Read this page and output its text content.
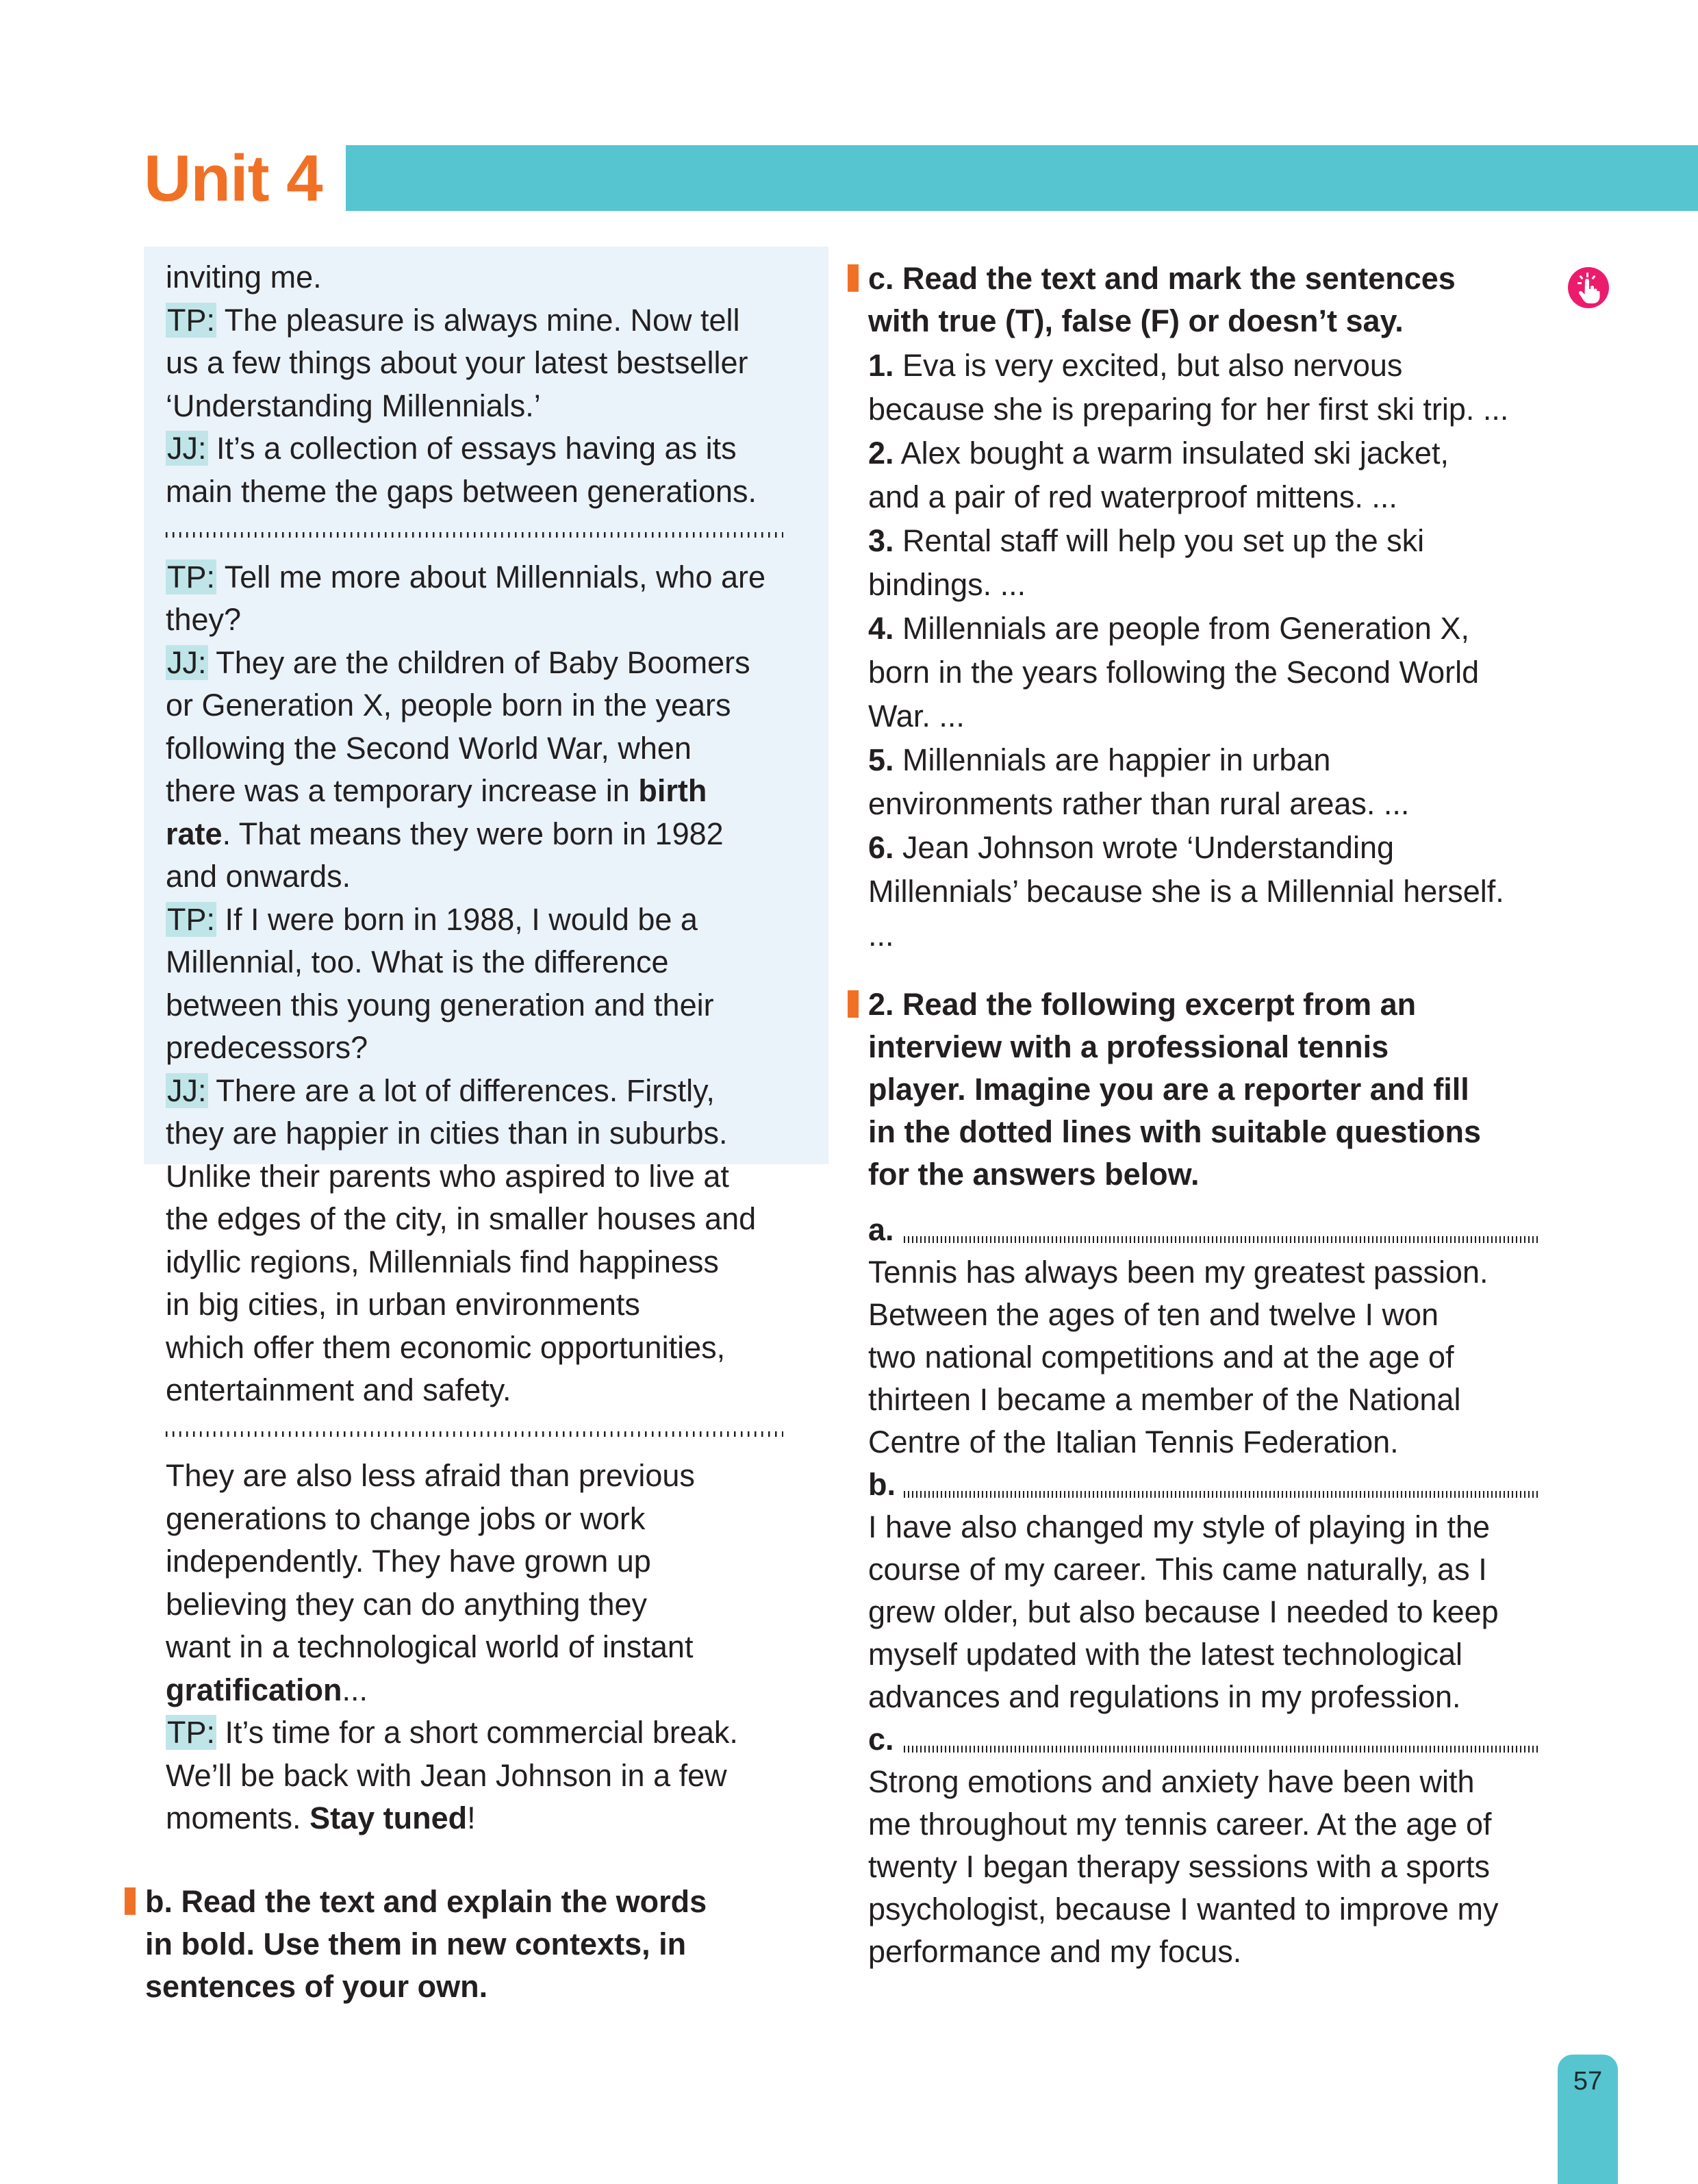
Unit 4
inviting me.
TP: The pleasure is always mine. Now tell
us a few things about your latest bestseller
‘Understanding Millennials.’
JJ: It’s a collection of essays having as its
main theme the gaps between generations.
TP: Tell me more about Millennials, who are
they?
JJ: They are the children of Baby Boomers
or Generation X, people born in the years
following the Second World War, when
there was a temporary increase in birth
rate. That means they were born in 1982
and onwards.
TP: If I were born in 1988, I would be a
Millennial, too. What is the difference
between this young generation and their
predecessors?
JJ: There are a lot of differences. Firstly,
they are happier in cities than in suburbs.
Unlike their parents who aspired to live at
the edges of the city, in smaller houses and
idyllic regions, Millennials find happiness
in big cities, in urban environments
which offer them economic opportunities,
entertainment and safety.
They are also less afraid than previous
generations to change jobs or work
independently. They have grown up
believing they can do anything they
want in a technological world of instant
gratification...
TP: It’s time for a short commercial break.
We’ll be back with Jean Johnson in a few
moments. Stay tuned!
b. Read the text and explain the words
in bold. Use them in new contexts, in
sentences of your own.
c. Read the text and mark the sentences
with true (T), false (F) or doesn’t say.
1. Eva is very excited, but also nervous
because she is preparing for her first ski trip. ...
2. Alex bought a warm insulated ski jacket,
and a pair of red waterproof mittens. ...
3. Rental staff will help you set up the ski
bindings. ...
4. Millennials are people from Generation X,
born in the years following the Second World
War. ...
5. Millennials are happier in urban
environments rather than rural areas. ...
6. Jean Johnson wrote ‘Understanding
Millennials’ because she is a Millennial herself.
...
2. Read the following excerpt from an
interview with a professional tennis
player. Imagine you are a reporter and fill
in the dotted lines with suitable questions
for the answers below.
a.
Tennis has always been my greatest passion.
Between the ages of ten and twelve I won
two national competitions and at the age of
thirteen I became a member of the National
Centre of the Italian Tennis Federation.
b.
I have also changed my style of playing in the
course of my career. This came naturally, as I
grew older, but also because I needed to keep
myself updated with the latest technological
advances and regulations in my profession.
c.
Strong emotions and anxiety have been with
me throughout my tennis career. At the age of
twenty I began therapy sessions with a sports
psychologist, because I wanted to improve my
performance and my focus.
57
